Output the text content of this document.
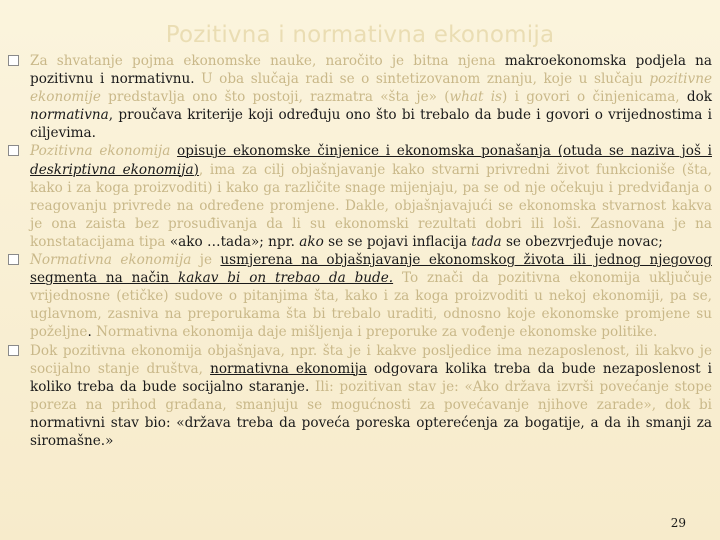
Pozitivna i normativna ekonomija

Za shvatanje pojma ekonomske nauke, naročito je bitna njena makroekonomska podjela na pozitivnu i normativnu. U oba slučaja radi se o sintetizovanom znanju, koje u slučaju pozitivne ekonomije predstavlja ono što postoji, razmatra «šta je» (what is) i govori o činjenicama, dok normativna, proučava kriterije koji određuju ono što bi trebalo da bude i govori o vrijednostima i ciljevima.

Pozitivna ekonomija opisuje ekonomske činjenice i ekonomska ponašanja (otuda se naziva još i deskriptivna ekonomija), ima za cilj objašnjavanje kako stvarni privredni život funkcioniše (šta, kako i za koga proizvoditi) i kako ga različite snage mijenjaju, pa se od nje očekuju i predviđanja o reagovanju privrede na određene promjene. Dakle, objašnjavajući se ekonomska stvarnost kakva je ona zaista bez prosuđivanja da li su ekonomski rezultati dobri ili loši. Zasnovana je na konstatacijama tipa «ako …tada»; npr. ako se se pojavi inflacija tada se obezvrjeđuje novac;

Normativna ekonomija je usmjerena na objašnjavanje ekonomskog života ili jednog njegovog segmenta na način kakav bi on trebao da bude. To znači da pozitivna ekonomija uključuje vrijednosne (etičke) sudove o pitanjima šta, kako i za koga proizvoditi u nekoj ekonomiji, pa se, uglavnom, zasniva na preporukama šta bi trebalo uraditi, odnosno koje ekonomske promjene su poželjne. Normativna ekonomija daje mišljenja i preporuke za vođenje ekonomske politike.

Dok pozitivna ekonomija objašnjava, npr. šta je i kakve posljedice ima nezaposlenost, ili kakvo je socijalno stanje društva, normativna ekonomija odgovara kolika treba da bude nezaposlenost i koliko treba da bude socijalno staranje. Ili: pozitivan stav je: «Ako država izvrši povećanje stope poreza na prihod građana, smanjuju se mogućnosti za povećavanje njihove zarade», dok bi normativni stav bio: «država treba da poveća poreska opterećenja za bogatije, a da ih smanji za siromašne.»

29
